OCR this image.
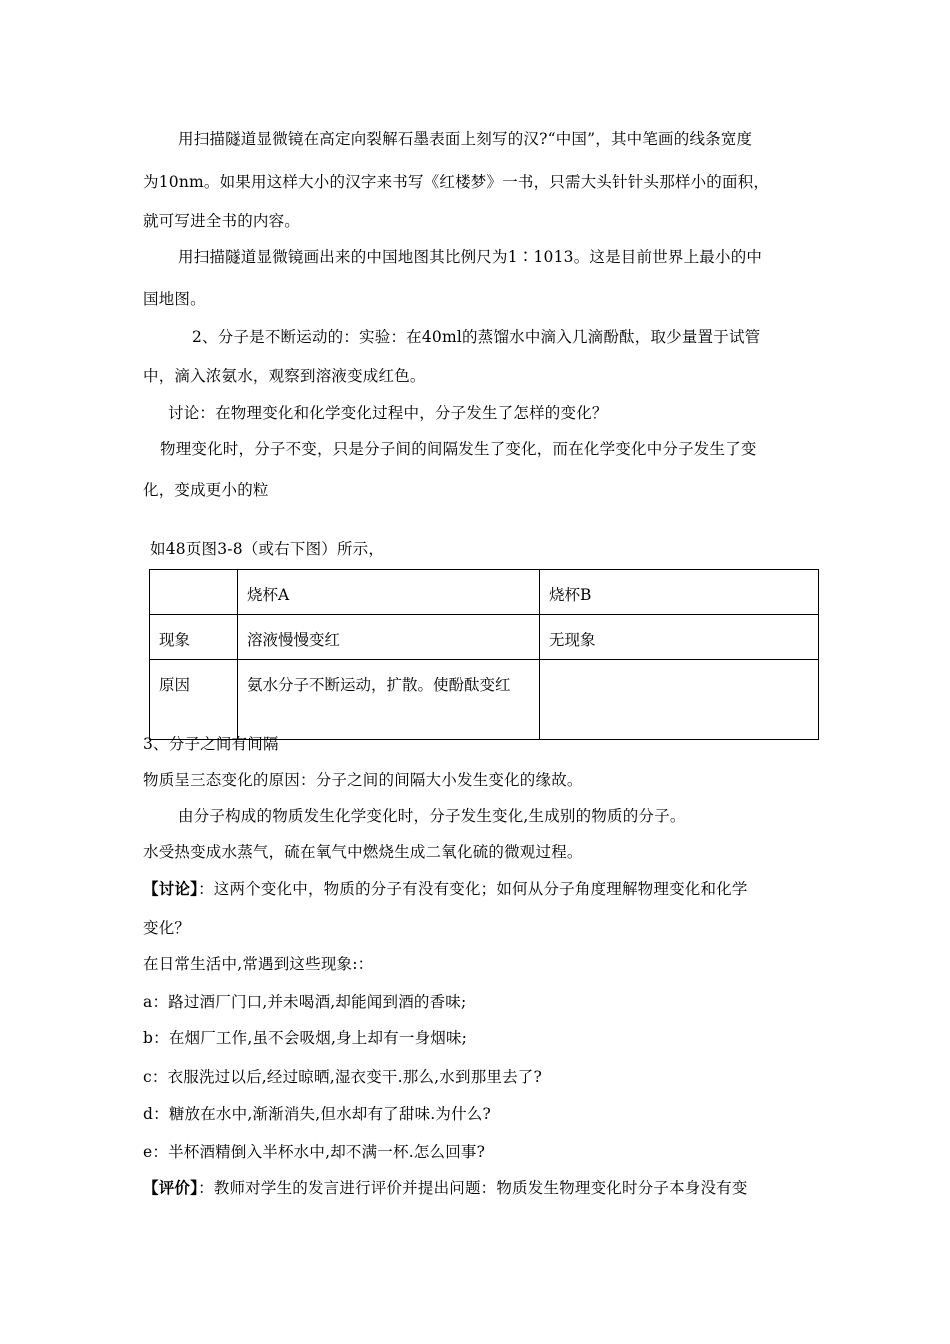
用扫描隧道显微镜在高定向裂解石墨表面上刻写的汉?“中国”，其中笔画的线条宽度
为10nm。如果用这样大小的汉字来书写《红楼梦》一书，只需大头针针头那样小的面积，
就可写进全书的内容。
用扫描隧道显微镜画出来的中国地图其比例尺为1∶1013。这是目前世界上最小的中
国地图。
2、分子是不断运动的：实验：在40ml的蒸馏水中滴入几滴酚酞，取少量置于试管
中，滴入浓氨水，观察到溶液变成红色。
讨论：在物理变化和化学变化过程中，分子发生了怎样的变化？
物理变化时，分子不变，只是分子间的间隔发生了变化，而在化学变化中分子发生了变
化，变成更小的粒
如48页图3-8（或右下图）所示，
	烧杯A	烧杯B
现象	溶液慢慢变红	无现象
原因	氨水分子不断运动，扩散。使酚酞变红	
3、分子之间有间隔
物质呈三态变化的原因：分子之间的间隔大小发生变化的缘故。
由分子构成的物质发生化学变化时，分子发生变化,生成别的物质的分子。
水受热变成水蒸气，硫在氧气中燃烧生成二氧化硫的微观过程。
【讨论】：这两个变化中，物质的分子有没有变化；如何从分子角度理解物理变化和化学
变化？
在日常生活中,常遇到这些现象:：
a：路过酒厂门口,并未喝酒,却能闻到酒的香味;
b：在烟厂工作,虽不会吸烟,身上却有一身烟味;
c：衣服洗过以后,经过晾晒,湿衣变干.那么,水到那里去了?
d：糖放在水中,渐渐消失,但水却有了甜味.为什么?
e：半杯酒精倒入半杯水中,却不满一杯.怎么回事?
【评价】：教师对学生的发言进行评价并提出问题：物质发生物理变化时分子本身没有变
